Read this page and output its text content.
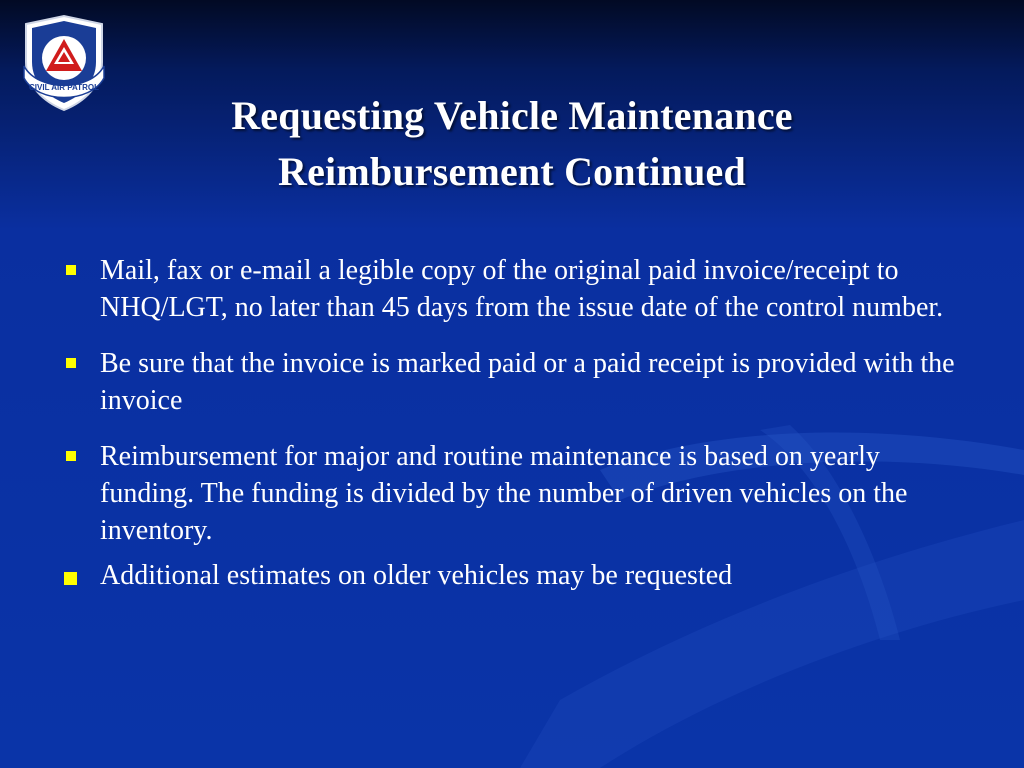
CIVIL AIR PATROL
Requesting Vehicle Maintenance
Reimbursement Continued
Mail, fax or e-mail a legible copy of the original paid invoice/receipt to NHQ/LGT, no later than 45 days from the issue date of the control number.
Be sure that the invoice is marked paid or a paid receipt is provided with the invoice
Reimbursement for major and routine maintenance is based on yearly funding. The funding is divided by the number of driven vehicles on the inventory.
Additional estimates on older vehicles may be requested
